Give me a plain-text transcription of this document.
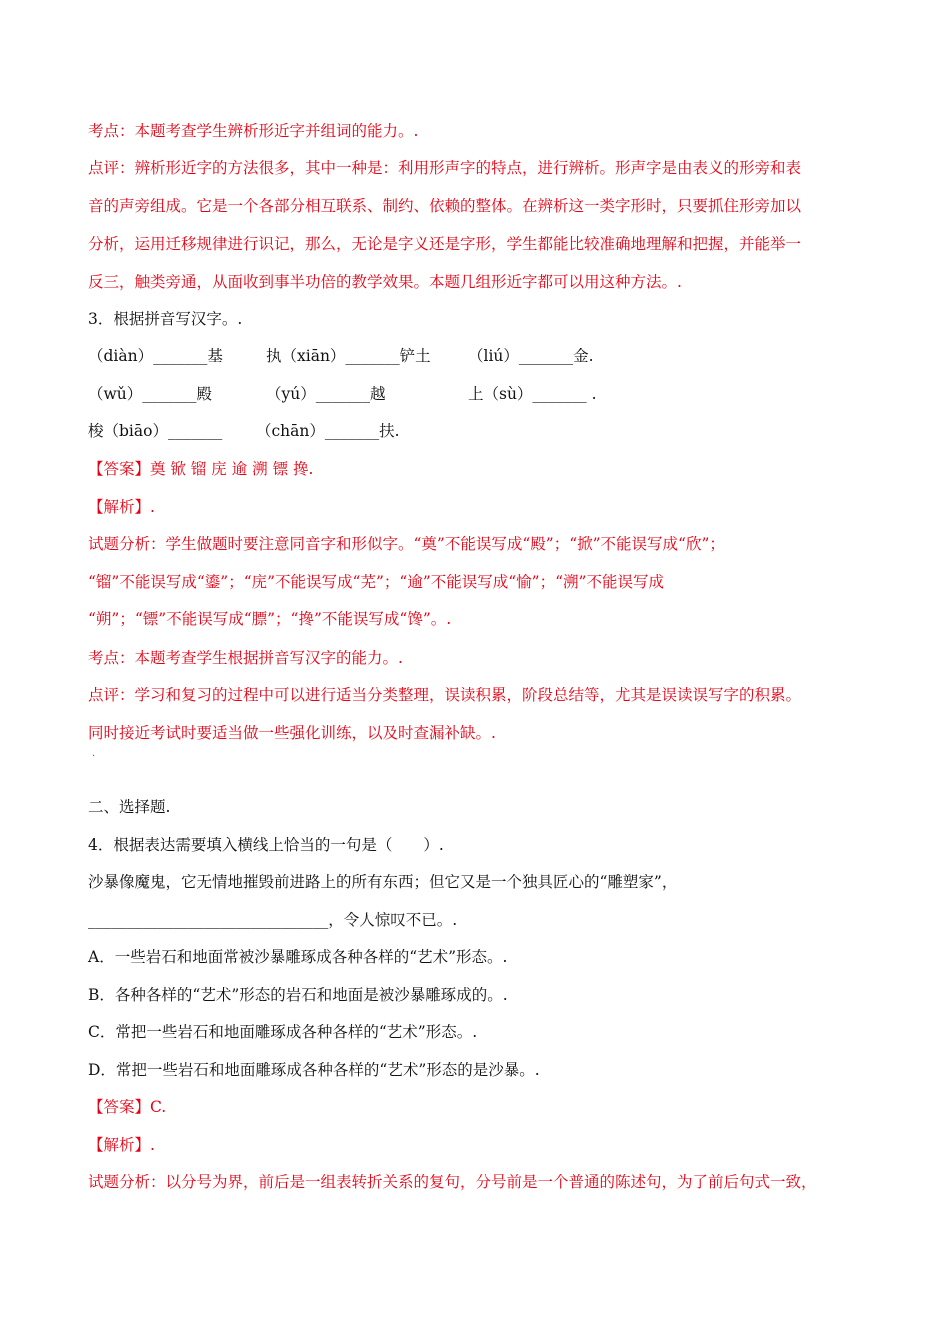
考点：本题考查学生辨析形近字并组词的能力。.
点评：辨析形近字的方法很多，其中一种是：利用形声字的特点，进行辨析。形声字是由表义的形旁和表
音的声旁组成。它是一个各部分相互联系、制约、依赖的整体。在辨析这一类字形时，只要抓住形旁加以
分析，运用迁移规律进行识记，那么，无论是字义还是字形，学生都能比较准确地理解和把握，并能举一
反三，触类旁通，从面收到事半功倍的教学效果。本题几组形近字都可以用这种方法。.
3．根据拼音写汉字。.
（diàn）_______基	执（xiān）_______铲土 （liú）_______金.
（wǔ）_______殿	（yú）_______越	上（sù）_______ .
梭（biāo）_______ （chān）_______扶.
【答案】奠 锨 镏 庑 逾 溯 镖 搀.
【解析】.
试题分析：学生做题时要注意同音字和形似字。“奠”不能误写成“殿”；“掀”不能误写成“欣”；
“镏”不能误写成“鎏”；“庑”不能误写成“芜”；“逾”不能误写成“愉”；“溯”不能误写成
“朔”；“镖”不能误写成“膘”；“搀”不能误写成“馋”。.
考点：本题考查学生根据拼音写汉字的能力。.
点评：学习和复习的过程中可以进行适当分类整理，误读积累，阶段总结等，尤其是误读误写字的积累。
同时接近考试时要适当做一些强化训练，以及时查漏补缺。.
.
二、选择题.
4．根据表达需要填入横线上恰当的一句是（　　）.
沙暴像魔鬼，它无情地摧毁前进路上的所有东西；但它又是一个独具匠心的“雕塑家”，
_______________________________，令人惊叹不已。.
A．一些岩石和地面常被沙暴雕琢成各种各样的“艺术”形态。.
B．各种各样的“艺术”形态的岩石和地面是被沙暴雕琢成的。.
C．常把一些岩石和地面雕琢成各种各样的“艺术”形态。.
D．常把一些岩石和地面雕琢成各种各样的“艺术”形态的是沙暴。.
【答案】C.
【解析】.
试题分析：以分号为界，前后是一组表转折关系的复句，分号前是一个普通的陈述句，为了前后句式一致，
